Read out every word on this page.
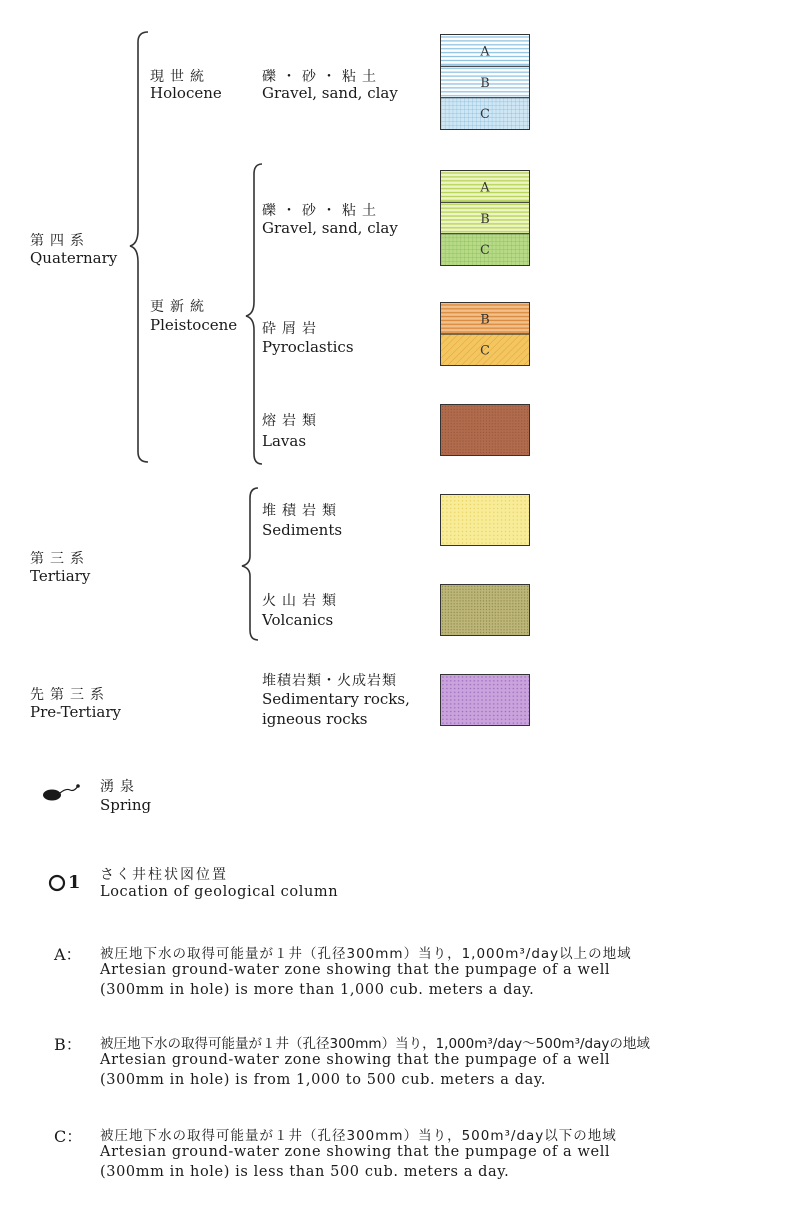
第四系
Quaternary
現世統
Holocene
更新統
Pleistocene
第三系
Tertiary
先第三系
Pre-Tertiary
礫・砂・粘土
Gravel, sand, clay
礫・砂・粘土
Gravel, sand, clay
砕屑岩
Pyroclastics
熔岩類
Lavas
堆積岩類
Sediments
火山岩類
Volcanics
堆積岩類・火成岩類
Sedimentary rocks,
igneous rocks
A
B
C
A
B
C
B
C
湧泉
Spring
1 さく井柱状図位置
Location of geological column
A： 被圧地下水の取得可能量が１井（孔径300mm）当り，1,000m³/day以上の地域
Artesian ground-water zone showing that the pumpage of a well
(300mm in hole) is more than 1,000 cub. meters a day.
B： 被圧地下水の取得可能量が１井（孔径300mm）当り，1,000m³/day～500m³/dayの地域
Artesian ground-water zone showing that the pumpage of a well
(300mm in hole) is from 1,000 to 500 cub. meters a day.
C： 被圧地下水の取得可能量が１井（孔径300mm）当り，500m³/day以下の地域
Artesian ground-water zone showing that the pumpage of a well
(300mm in hole) is less than 500 cub. meters a day.
